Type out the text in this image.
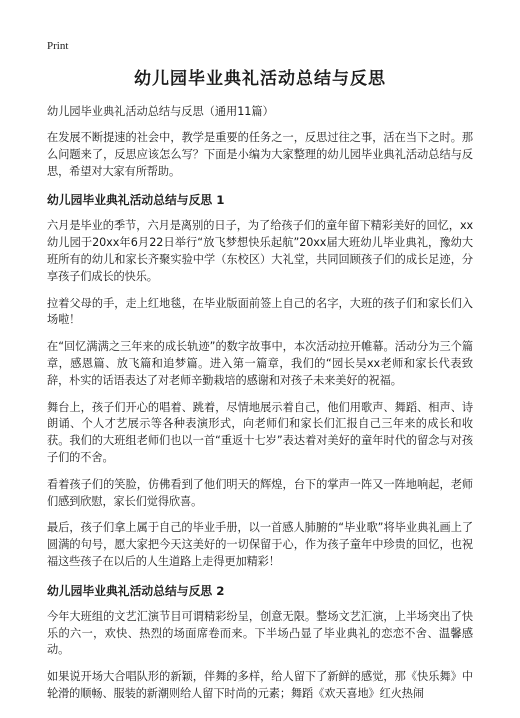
Print
幼儿园毕业典礼活动总结与反思

幼儿园毕业典礼活动总结与反思（通用11篇）

在发展不断提速的社会中，教学是重要的任务之一，反思过往之事，活在当下之时。那么问题来了，反思应该怎么写？下面是小编为大家整理的幼儿园毕业典礼活动总结与反思，希望对大家有所帮助。

幼儿园毕业典礼活动总结与反思 1

六月是毕业的季节，六月是离别的日子，为了给孩子们的童年留下精彩美好的回忆，xx幼儿园于20xx年6月22日举行“放飞梦想快乐起航”20xx届大班幼儿毕业典礼，豫幼大班所有的幼儿和家长齐聚实验中学（东校区）大礼堂，共同回顾孩子们的成长足迹，分享孩子们成长的快乐。

拉着父母的手，走上红地毯，在毕业版面前签上自己的名字，大班的孩子们和家长们入场啦！

在“回忆满满之三年来的成长轨迹”的数字故事中，本次活动拉开帷幕。活动分为三个篇章，感恩篇、放飞篇和追梦篇。进入第一篇章，我们的“园长吴xx老师和家长代表致辞，朴实的话语表达了对老师辛勤栽培的感谢和对孩子未来美好的祝福。

舞台上，孩子们开心的唱着、跳着，尽情地展示着自己，他们用歌声、舞蹈、相声、诗朗诵、个人才艺展示等各种表演形式，向老师们和家长们汇报自己三年来的成长和收获。我们的大班组老师们也以一首“重返十七岁”表达着对美好的童年时代的留念与对孩子们的不舍。

看着孩子们的笑脸，仿佛看到了他们明天的辉煌，台下的掌声一阵又一阵地响起，老师们感到欣慰，家长们觉得欣喜。

最后，孩子们拿上属于自己的毕业手册，以一首感人肺腑的“毕业歌”将毕业典礼画上了圆满的句号，愿大家把今天这美好的一切保留于心，作为孩子童年中珍贵的回忆，也祝福这些孩子在以后的人生道路上走得更加精彩！

幼儿园毕业典礼活动总结与反思 2

今年大班组的文艺汇演节目可谓精彩纷呈，创意无限。整场文艺汇演，上半场突出了快乐的六一，欢快、热烈的场面席卷而来。下半场凸显了毕业典礼的恋恋不舍、温馨感动。

如果说开场大合唱队形的新颖，伴舞的多样，给人留下了新鲜的感觉，那《快乐舞》中轮滑的顺畅、服装的新潮则给人留下时尚的元素；舞蹈《欢天喜地》红火热闹
